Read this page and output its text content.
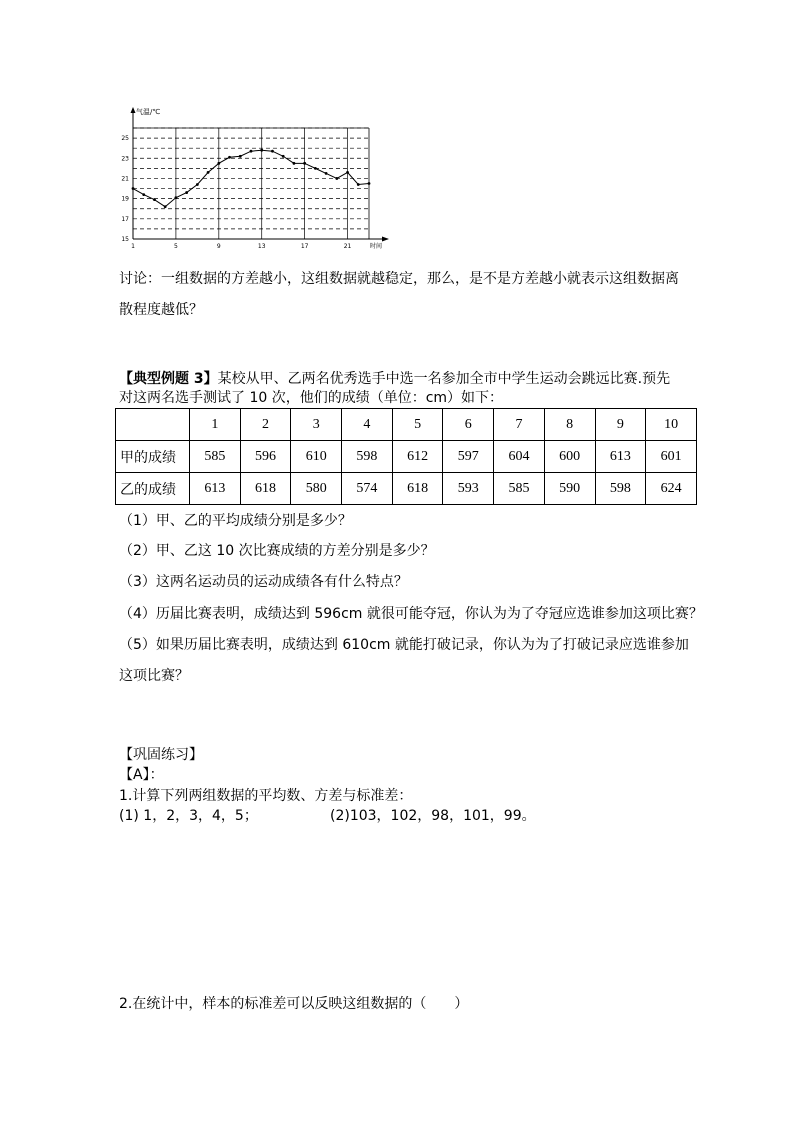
气温/℃
时间
15
17
19
21
23
25
1	5	9	13	17	21
讨论：一组数据的方差越小，这组数据就越稳定，那么，是不是方差越小就表示这组数据离
散程度越低？
【典型例题 3】某校从甲、乙两名优秀选手中选一名参加全市中学生运动会跳远比赛.预先
对这两名选手测试了 10 次，他们的成绩（单位：cm）如下：
	1	2	3	4	5	6	7	8	9	10
甲的成绩	585	596	610	598	612	597	604	600	613	601
乙的成绩	613	618	580	574	618	593	585	590	598	624
（1）甲、乙的平均成绩分别是多少？
（2）甲、乙这 10 次比赛成绩的方差分别是多少？
（3）这两名运动员的运动成绩各有什么特点？
（4）历届比赛表明，成绩达到 596cm 就很可能夺冠，你认为为了夺冠应选谁参加这项比赛？
（5）如果历届比赛表明，成绩达到 610cm 就能打破记录，你认为为了打破记录应选谁参加
这项比赛？
【巩固练习】
【A】：
1.计算下列两组数据的平均数、方差与标准差：
(1) 1，2，3，4，5；	(2)103，102，98，101，99。
2.在统计中，样本的标准差可以反映这组数据的（　　）
